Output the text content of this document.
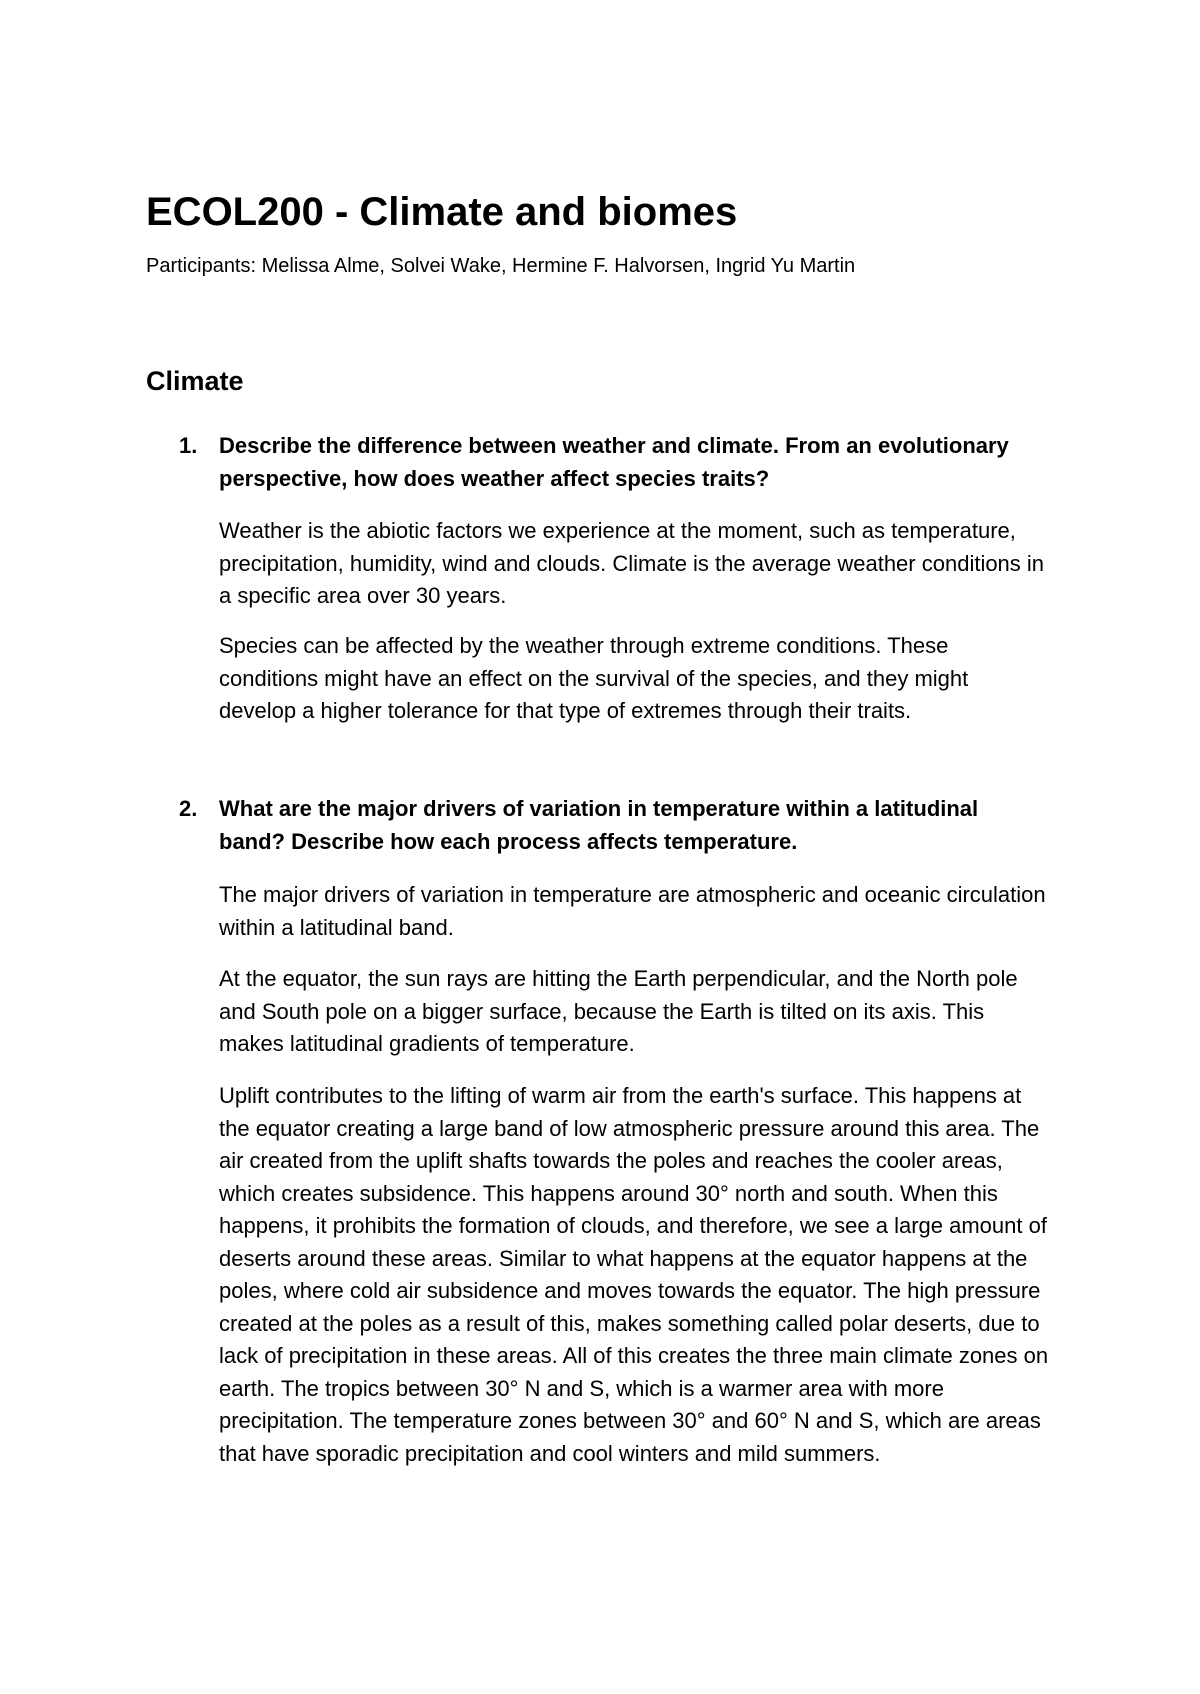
ECOL200 - Climate and biomes

Participants: Melissa Alme, Solvei Wake, Hermine F. Halvorsen, Ingrid Yu Martin

Climate
1. Describe the difference between weather and climate. From an evolutionary perspective, how does weather affect species traits?

Weather is the abiotic factors we experience at the moment, such as temperature, precipitation, humidity, wind and clouds. Climate is the average weather conditions in a specific area over 30 years.

Species can be affected by the weather through extreme conditions. These conditions might have an effect on the survival of the species, and they might develop a higher tolerance for that type of extremes through their traits.

2. What are the major drivers of variation in temperature within a latitudinal band? Describe how each process affects temperature.

The major drivers of variation in temperature are atmospheric and oceanic circulation within a latitudinal band.

At the equator, the sun rays are hitting the Earth perpendicular, and the North pole and South pole on a bigger surface, because the Earth is tilted on its axis. This makes latitudinal gradients of temperature.

Uplift contributes to the lifting of warm air from the earth's surface. This happens at the equator creating a large band of low atmospheric pressure around this area. The air created from the uplift shafts towards the poles and reaches the cooler areas, which creates subsidence. This happens around 30° north and south. When this happens, it prohibits the formation of clouds, and therefore, we see a large amount of deserts around these areas. Similar to what happens at the equator happens at the poles, where cold air subsidence and moves towards the equator. The high pressure created at the poles as a result of this, makes something called polar deserts, due to lack of precipitation in these areas. All of this creates the three main climate zones on earth. The tropics between 30° N and S, which is a warmer area with more precipitation. The temperature zones between 30° and 60° N and S, which are areas that have sporadic precipitation and cool winters and mild summers.
